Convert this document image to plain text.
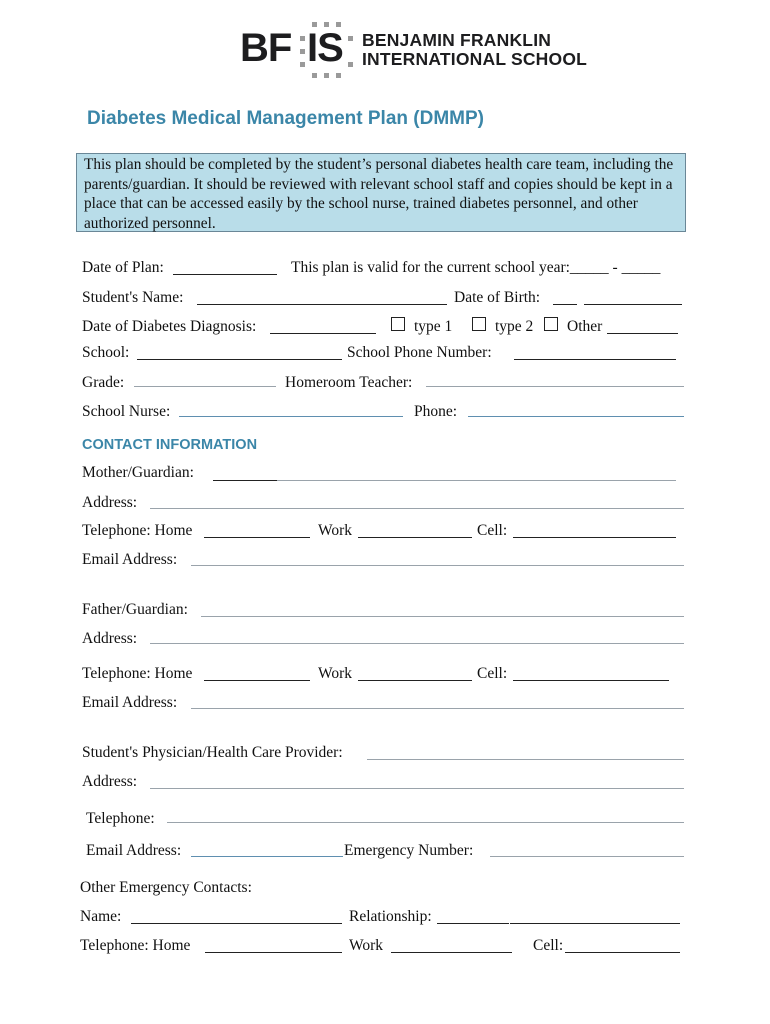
BF IS BENJAMIN FRANKLIN
INTERNATIONAL SCHOOL
Diabetes Medical Management Plan (DMMP)

This plan should be completed by the student’s personal diabetes health care team, including the parents/guardian. It should be reviewed with relevant school staff and copies should be kept in a place that can be accessed easily by the school nurse, trained diabetes personnel, and other authorized personnel.

Date of Plan:	This plan is valid for the current school year:_____ - _____
Student's Name:	Date of Birth:
Date of Diabetes Diagnosis:	type 1	type 2 Other
School:	School Phone Number:
Grade:	Homeroom Teacher:
School Nurse:	Phone:
CONTACT INFORMATION
Mother/Guardian:
Address:
Telephone: Home	Work	Cell:
Email Address:
Father/Guardian:
Address:
Telephone: Home	Work	Cell:
Email Address:
Student's Physician/Health Care Provider:
Address:
Telephone:
Email Address:	Emergency Number:
Other Emergency Contacts:
Name:	Relationship:
Telephone: Home	Work	Cell:
